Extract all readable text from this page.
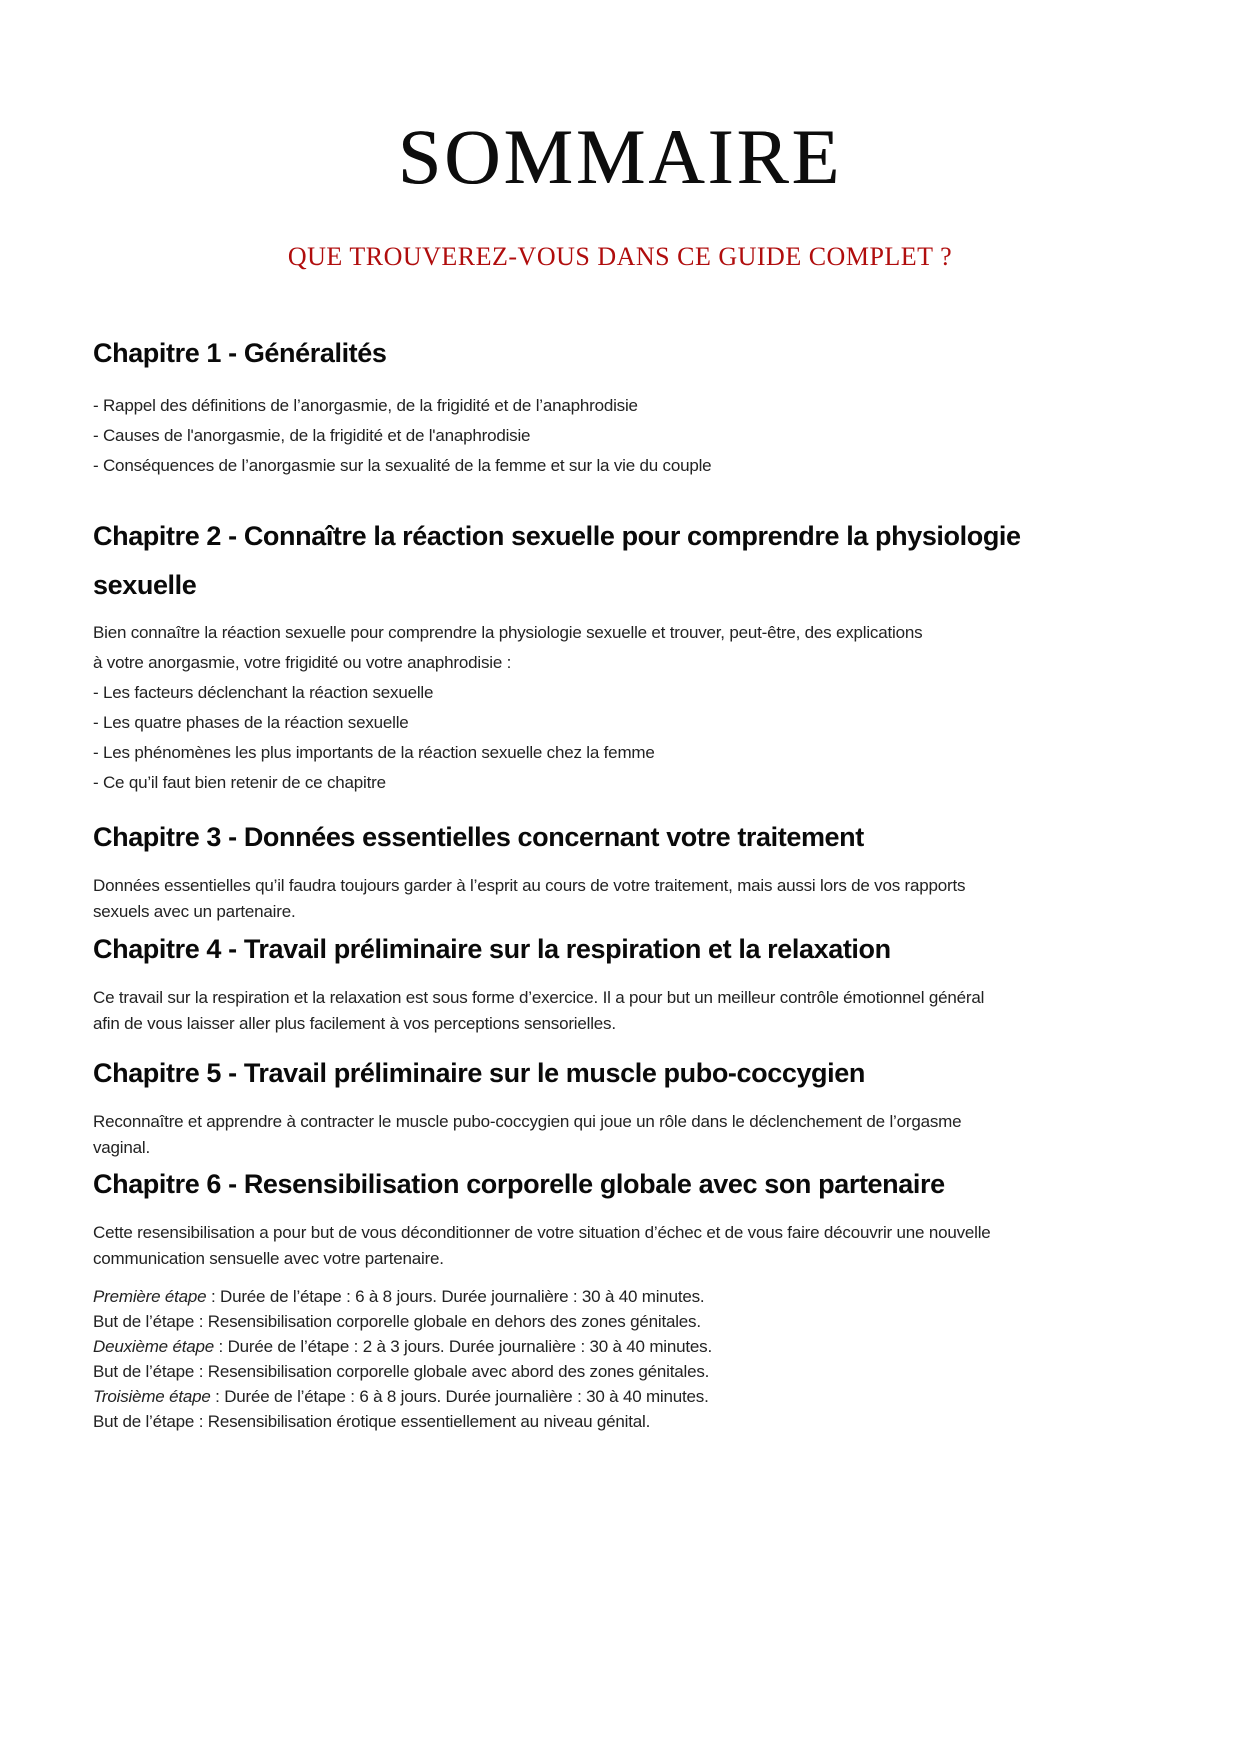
SOMMAIRE
QUE TROUVEREZ-VOUS DANS CE GUIDE COMPLET ?
Chapitre 1 - Généralités
- Rappel des définitions de l’anorgasmie, de la frigidité et de l’anaphrodisie
- Causes de l'anorgasmie, de la frigidité et de l'anaphrodisie
- Conséquences de l’anorgasmie sur la sexualité de la femme et sur la vie du couple
Chapitre 2 - Connaître la réaction sexuelle pour comprendre la physiologie
sexuelle
Bien connaître la réaction sexuelle pour comprendre la physiologie sexuelle et trouver, peut-être, des explications
à votre anorgasmie, votre frigidité ou votre anaphrodisie :
- Les facteurs déclenchant la réaction sexuelle
- Les quatre phases de la réaction sexuelle
- Les phénomènes les plus importants de la réaction sexuelle chez la femme
- Ce qu’il faut bien retenir de ce chapitre
Chapitre 3 - Données essentielles concernant votre traitement
Données essentielles qu’il faudra toujours garder à l’esprit au cours de votre traitement, mais aussi lors de vos rapports
sexuels avec un partenaire.
Chapitre 4 - Travail préliminaire sur la respiration et la relaxation
Ce travail sur la respiration et la relaxation est sous forme d’exercice. Il a pour but un meilleur contrôle émotionnel général
afin de vous laisser aller plus facilement à vos perceptions sensorielles.
Chapitre 5 - Travail préliminaire sur le muscle pubo-coccygien
Reconnaître et apprendre à contracter le muscle pubo-coccygien qui joue un rôle dans le déclenchement de l’orgasme
vaginal.
Chapitre 6 - Resensibilisation corporelle globale avec son partenaire
Cette resensibilisation a pour but de vous déconditionner de votre situation d’échec et de vous faire découvrir une nouvelle
communication sensuelle avec votre partenaire.
Première étape : Durée de l’étape : 6 à 8 jours. Durée journalière : 30 à 40 minutes.
But de l’étape : Resensibilisation corporelle globale en dehors des zones génitales.
Deuxième étape : Durée de l’étape : 2 à 3 jours. Durée journalière : 30 à 40 minutes.
But de l’étape : Resensibilisation corporelle globale avec abord des zones génitales.
Troisième étape : Durée de l’étape : 6 à 8 jours. Durée journalière : 30 à 40 minutes.
But de l’étape : Resensibilisation érotique essentiellement au niveau génital.
